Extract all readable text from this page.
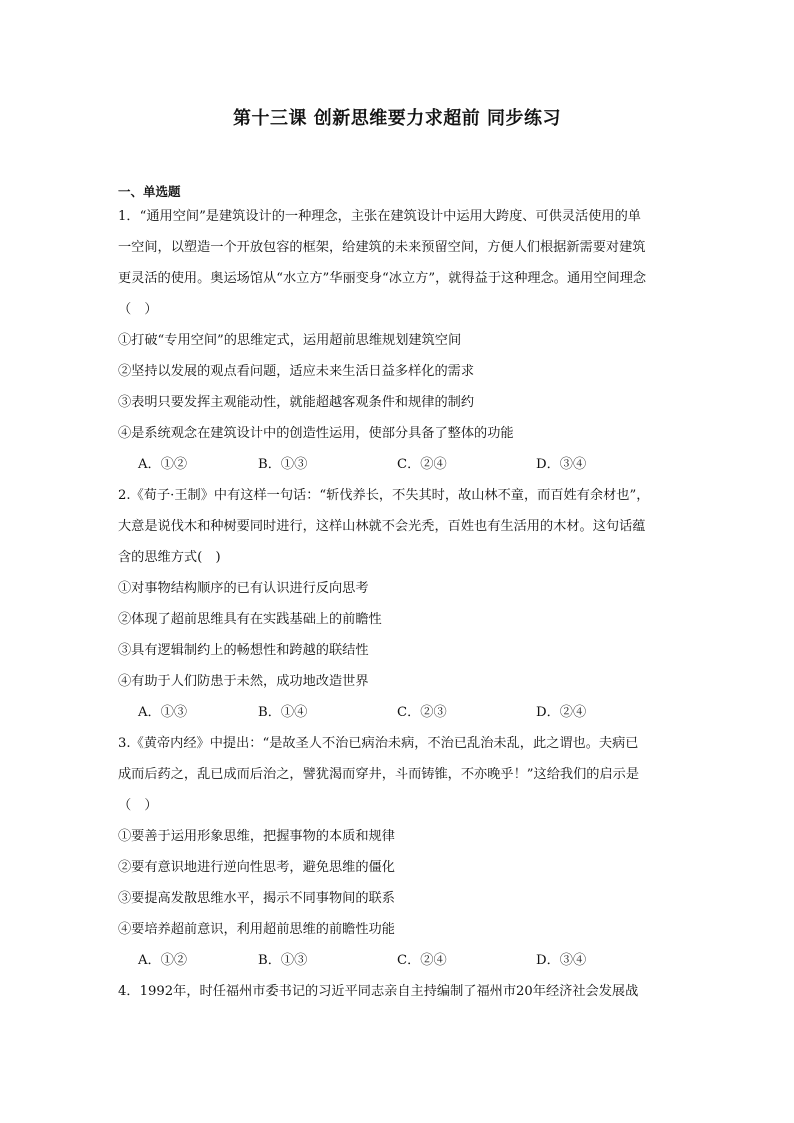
第十三课 创新思维要力求超前 同步练习
一、单选题
1．“通用空间”是建筑设计的一种理念，主张在建筑设计中运用大跨度、可供灵活使用的单
一空间，以塑造一个开放包容的框架，给建筑的未来预留空间，方便人们根据新需要对建筑
更灵活的使用。奥运场馆从“水立方”华丽变身“冰立方”，就得益于这种理念。通用空间理念
（　）
①打破“专用空间”的思维定式，运用超前思维规划建筑空间
②坚持以发展的观点看问题，适应未来生活日益多样化的需求
③表明只要发挥主观能动性，就能超越客观条件和规律的制约
④是系统观念在建筑设计中的创造性运用，使部分具备了整体的功能
A．①②	B．①③	C．②④	D．③④
2.《荀子·王制》中有这样一句话：“斩伐养长，不失其时，故山林不童，而百姓有余材也”，
大意是说伐木和种树要同时进行，这样山林就不会光秃，百姓也有生活用的木材。这句话蕴
含的思维方式(　)
①对事物结构顺序的已有认识进行反向思考
②体现了超前思维具有在实践基础上的前瞻性
③具有逻辑制约上的畅想性和跨越的联结性
④有助于人们防患于未然，成功地改造世界
A．①③	B．①④	C．②③	D．②④
3.《黄帝内经》中提出：“是故圣人不治已病治未病，不治已乱治未乱，此之谓也。夫病已
成而后药之，乱已成而后治之，譬犹渴而穿井，斗而铸锥，不亦晚乎！”这给我们的启示是
（　）
①要善于运用形象思维，把握事物的本质和规律
②要有意识地进行逆向性思考，避免思维的僵化
③要提高发散思维水平，揭示不同事物间的联系
④要培养超前意识，利用超前思维的前瞻性功能
A．①②	B．①③	C．②④	D．③④
4．1992年，时任福州市委书记的习近平同志亲自主持编制了福州市20年经济社会发展战
